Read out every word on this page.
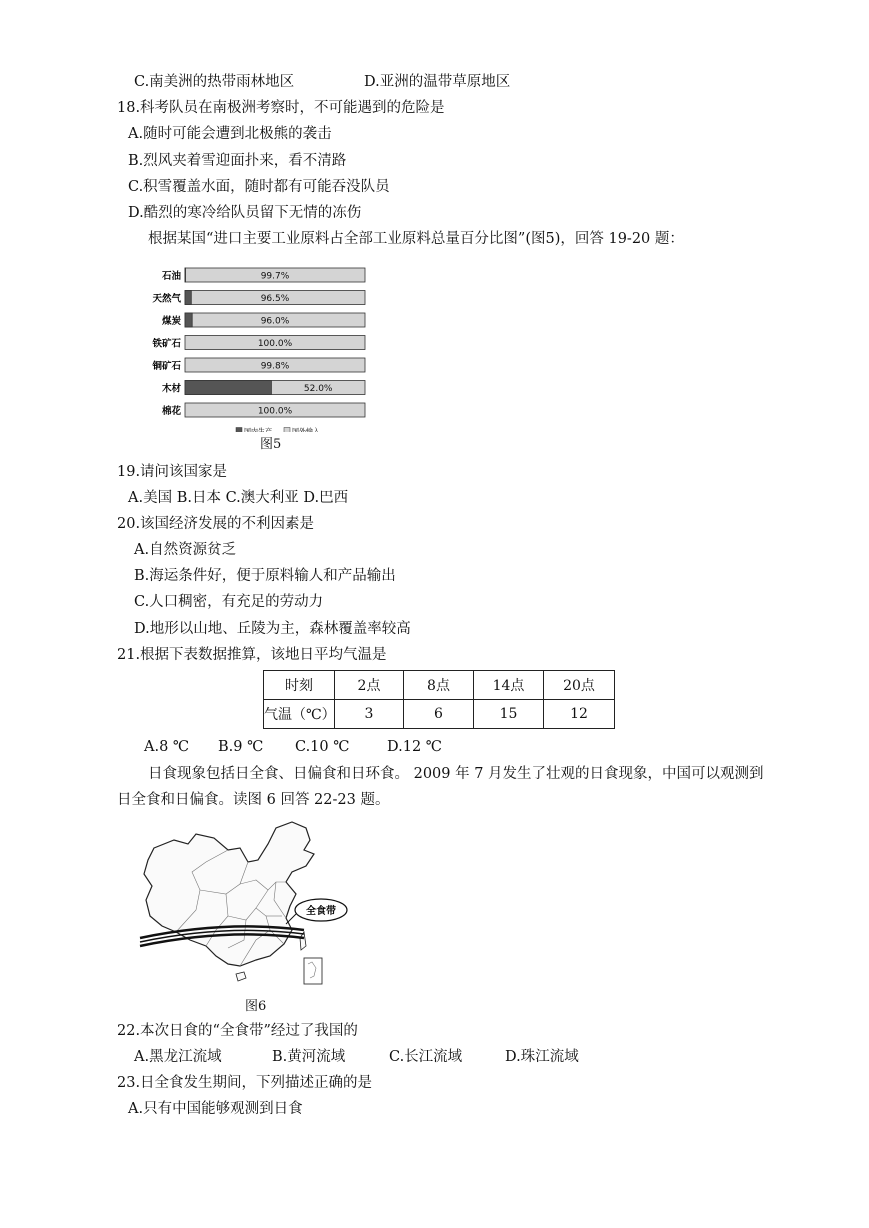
C.南美洲的热带雨林地区	D.亚洲的温带草原地区
18.科考队员在南极洲考察时，不可能遇到的危险是
A.随时可能会遭到北极熊的袭击
B.烈风夹着雪迎面扑来，看不清路
C.积雪覆盖水面，随时都有可能吞没队员
D.酷烈的寒冷给队员留下无情的冻伤
根据某国“进口主要工业原料占全部工业原料总量百分比图”(图5)，回答 19-20 题：
石油	99.7%
天然气	96.5%
煤炭	96.0%
铁矿石	100.0%
铜矿石	99.8%
木材	52.0%
棉花	100.0%
国内生产	国外输入
图5
19.请问该国家是
A.美国 B.日本 C.澳大利亚 D.巴西
20.该国经济发展的不利因素是
A.自然资源贫乏
B.海运条件好，便于原料输人和产品输出
C.人口稠密，有充足的劳动力
D.地形以山地、丘陵为主，森林覆盖率较高
21.根据下表数据推算，该地日平均气温是
时刻	2点	8点	14点	20点
气温（℃）	3	6	15	12
A.8 ℃ B.9 ℃ C.10 ℃	D.12 ℃
日食现象包括日全食、日偏食和日环食。 2009 年 7 月发生了壮观的日食现象，中国可以观测到
日全食和日偏食。读图 6 回答 22-23 题。
全食带
图6
22.本次日食的“全食带”经过了我国的
A.黑龙江流域	B.黄河流域	C.长江流域	D.珠江流域
23.日全食发生期间，下列描述正确的是
A.只有中国能够观测到日食
